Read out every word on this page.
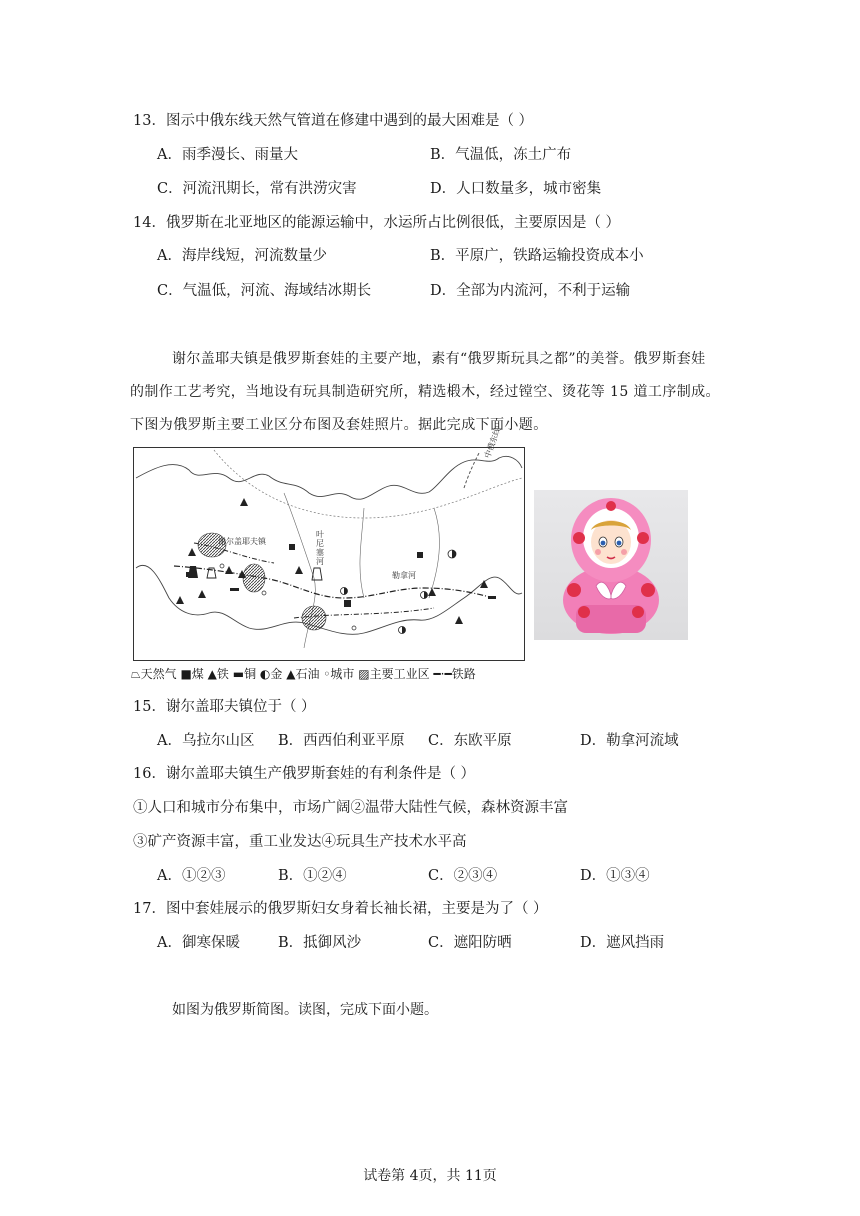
13．图示中俄东线天然气管道在修建中遇到的最大困难是（ ）
A．雨季漫长、雨量大	B．气温低，冻土广布
C．河流汛期长，常有洪涝灾害	D．人口数量多，城市密集
14．俄罗斯在北亚地区的能源运输中，水运所占比例很低，主要原因是（ ）
A．海岸线短，河流数量少	B．平原广，铁路运输投资成本小
C．气温低，河流、海域结冰期长	D．全部为内流河，不利于运输

谢尔盖耶夫镇是俄罗斯套娃的主要产地，素有“俄罗斯玩具之都”的美誉。俄罗斯套娃

的制作工艺考究，当地设有玩具制造研究所，精选椴木，经过镗空、烫花等 15 道工序制成。

下图为俄罗斯主要工业区分布图及套娃照片。据此完成下面小题。

谢尔盖耶夫镇
叶尼塞河
勒拿河
中俄东线
⏢天然气 ■煤 ▲铁 ▬铜 ◐金 ▲石油 ◦城市 ▨主要工业区 ━·━铁路
15．谢尔盖耶夫镇位于（ ）
A．乌拉尔山区 B．西西伯利亚平原 C．东欧平原	D．勒拿河流域
16．谢尔盖耶夫镇生产俄罗斯套娃的有利条件是（ ）
①人口和城市分布集中，市场广阔②温带大陆性气候，森林资源丰富
③矿产资源丰富，重工业发达④玩具生产技术水平高
A．①②③	B．①②④	C．②③④	D．①③④
17．图中套娃展示的俄罗斯妇女身着长袖长裙，主要是为了（ ）
A．御寒保暖	B．抵御风沙	C．遮阳防晒	D．遮风挡雨
如图为俄罗斯简图。读图，完成下面小题。
试卷第 4页，共 11页
